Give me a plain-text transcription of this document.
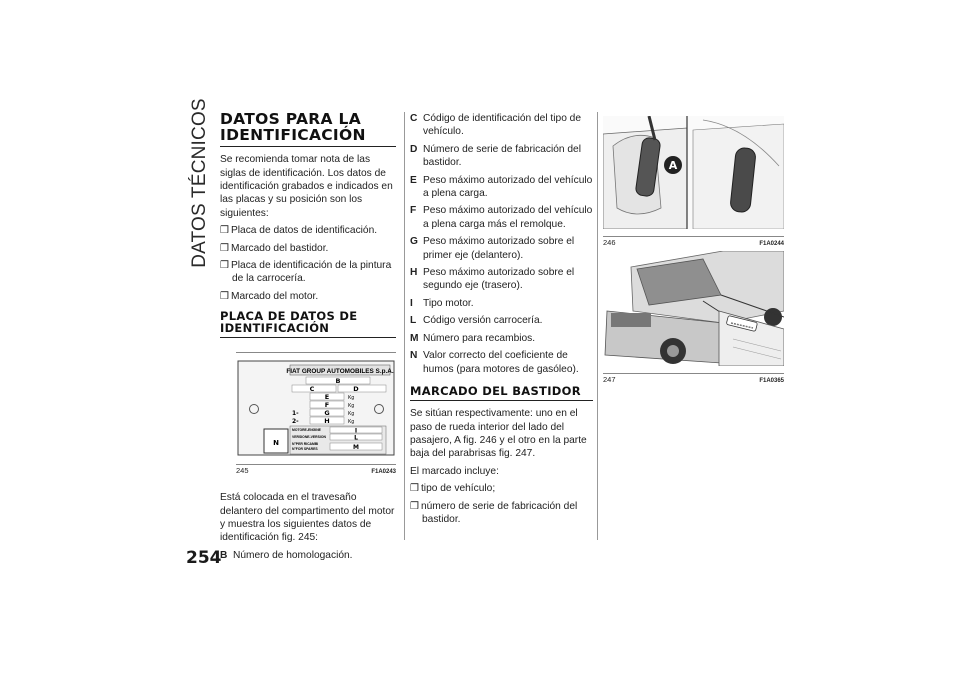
DATOS TÉCNICOS
254
DATOS PARA LA IDENTIFICACIÓN

Se recomienda tomar nota de las siglas de identificación. Los datos de identificación grabados e indicados en las placas y su posición son los siguientes:

❒ Placa de datos de identificación.
❒ Marcado del bastidor.
❒ Placa de identificación de la pintura de la carrocería.
❒ Marcado del motor.
PLACA DE DATOS DE IDENTIFICACIÓN
N
FIAT GROUP AUTOMOBILES S.p.A.
B
C	D
E	Kg
F	Kg
1-	G	Kg
2-	H	Kg
MOTORE-ENGINE
VERSIONE-VERSION
N°PER RICAMBI
N°FOR SPARES
I
L
M
245	F1A0243

Está colocada en el travesaño delantero del compartimento del motor y muestra los siguientes datos de identificación fig. 245:

B Número de homologación.
C Código de identificación del tipo de vehículo.
D Número de serie de fabricación del bastidor.
E Peso máximo autorizado del vehículo a plena carga.
F Peso máximo autorizado del vehículo a plena carga más el remolque.
G Peso máximo autorizado sobre el primer eje (delantero).
H Peso máximo autorizado sobre el segundo eje (trasero).
I Tipo motor.
L Código versión carrocería.
M Número para recambios.
N Valor correcto del coeficiente de humos (para motores de gasóleo).
MARCADO DEL BASTIDOR

Se sitúan respectivamente: uno en el paso de rueda interior del lado del pasajero, A fig. 246 y el otro en la parte baja del parabrisas fig. 247.

El marcado incluye:

❒ tipo de vehículo;
❒ número de serie de fabricación del bastidor.
A
246	F1A0244
247	F1A0365
